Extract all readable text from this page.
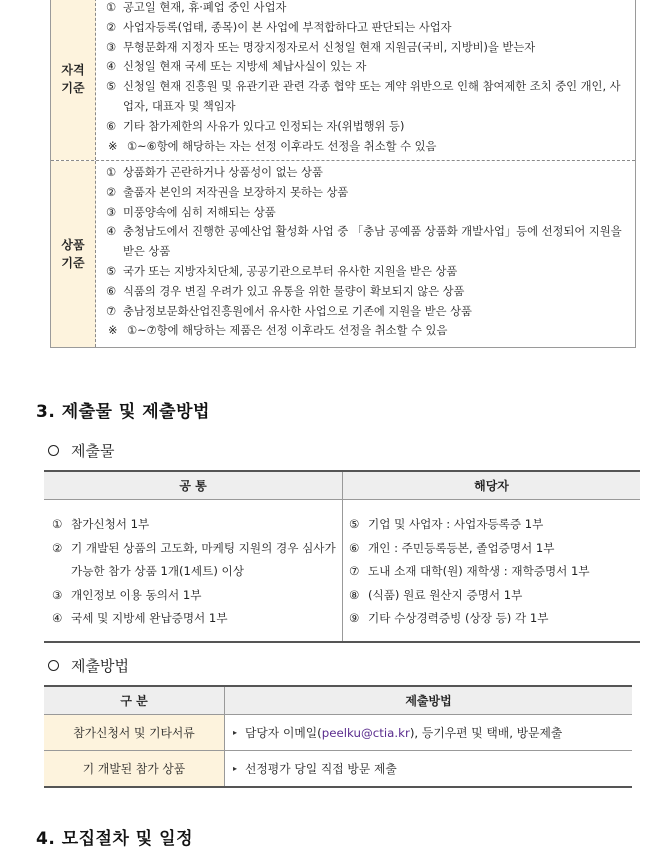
자격
기준
① 공고일 현재, 휴·폐업 중인 사업자
② 사업자등록(업태, 종목)이 본 사업에 부적합하다고 판단되는 사업자
③ 무형문화재 지정자 또는 명장지정자로서 신청일 현재 지원금(국비, 지방비)을 받는자
④ 신청일 현재 국세 또는 지방세 체납사실이 있는 자
⑤ 신청일 현재 진흥원 및 유관기관 관련 각종 협약 또는 계약 위반으로 인해 참여제한 조치 중인 개인, 사업자, 대표자 및 책임자
⑥ 기타 참가제한의 사유가 있다고 인정되는 자(위법행위 등)
※ ①~⑥항에 해당하는 자는 선정 이후라도 선정을 취소할 수 있음
상품
기준
① 상품화가 곤란하거나 상품성이 없는 상품
② 출품자 본인의 저작권을 보장하지 못하는 상품
③ 미풍양속에 심히 저해되는 상품
④ 충청남도에서 진행한 공예산업 활성화 사업 중 「충남 공예품 상품화 개발사업」등에 선정되어 지원을 받은 상품
⑤ 국가 또는 지방자치단체, 공공기관으로부터 유사한 지원을 받은 상품
⑥ 식품의 경우 변질 우려가 있고 유통을 위한 물량이 확보되지 않은 상품
⑦ 충남정보문화산업진흥원에서 유사한 사업으로 기존에 지원을 받은 상품
※ ①~⑦항에 해당하는 제품은 선정 이후라도 선정을 취소할 수 있음
3. 제출물 및 제출방법
제출물
공 통	해당자
① 참가신청서 1부
② 기 개발된 상품의 고도화, 마케팅 지원의 경우 심사가 가능한 참가 상품 1개(1세트) 이상
③ 개인정보 이용 동의서 1부
④ 국세 및 지방세 완납증명서 1부
⑤ 기업 및 사업자 : 사업자등록증 1부
⑥ 개인 : 주민등록등본, 졸업증명서 1부
⑦ 도내 소재 대학(원) 재학생 : 재학증명서 1부
⑧ (식품) 원료 원산지 증명서 1부
⑨ 기타 수상경력증빙 (상장 등) 각 1부
제출방법
구 분	제출방법
참가신청서 및 기타서류	▸ 담당자 이메일( peelku@ctia.kr ), 등기우편 및 택배, 방문제출
기 개발된 참가 상품	▸ 선정평가 당일 직접 방문 제출
4. 모집절차 및 일정
